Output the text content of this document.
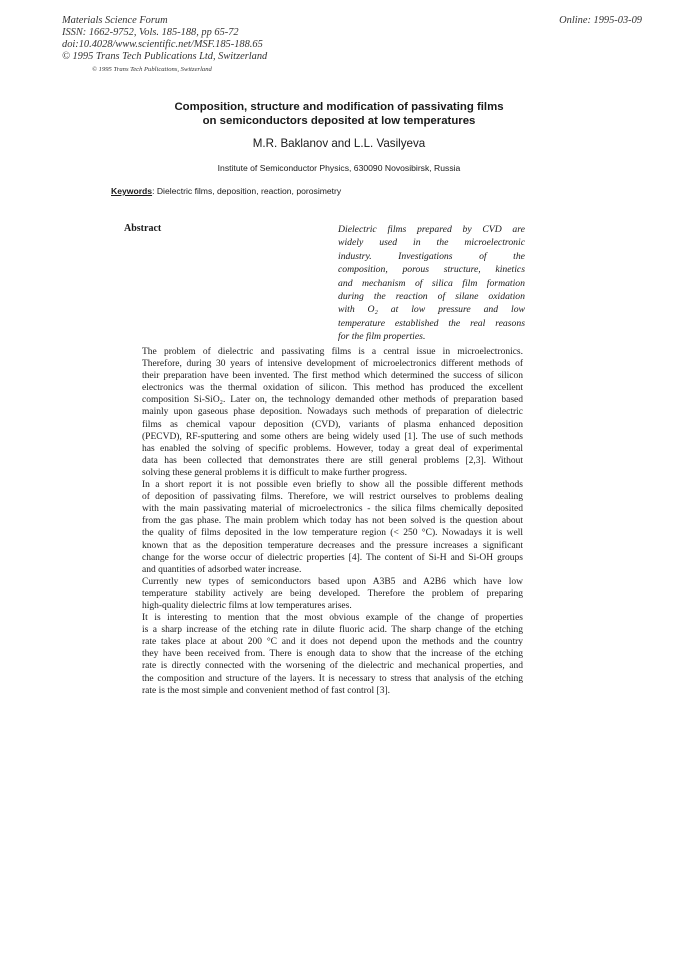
Materials Science Forum
ISSN: 1662-9752, Vols. 185-188, pp 65-72
doi:10.4028/www.scientific.net/MSF.185-188.65
© 1995 Trans Tech Publications Ltd, Switzerland
© 1995 Trans Tech Publications, Switzerland
Online: 1995-03-09
Composition, structure and modification of passivating films
on semiconductors deposited at low temperatures
M.R. Baklanov and L.L. Vasilyeva
Institute of Semiconductor Physics, 630090 Novosibirsk, Russia
Keywords: Dielectric films, deposition, reaction, porosimetry
Abstract	Dielectric films prepared by CVD are
widely used in the microelectronic
industry. Investigations of the
composition, porous structure, kinetics
and mechanism of silica film formation
during the reaction of silane oxidation
with O₂ at low pressure and low
temperature established the real reasons
for the film properties.

The problem of dielectric and passivating films is a central issue in microelectronics.
Therefore, during 30 years of intensive development of microelectronics different methods of
their preparation have been invented. The first method which determined the success of silicon
electronics was the thermal oxidation of silicon. This method has produced the excellent
composition Si-SiO₂. Later on, the technology demanded other methods of preparation based
mainly upon gaseous phase deposition. Nowadays such methods of preparation of dielectric
films as chemical vapour deposition (CVD), variants of plasma enhanced deposition
(PECVD), RF-sputtering and some others are being widely used [1]. The use of such methods
has enabled the solving of specific problems. However, today a great deal of experimental
data has been collected that demonstrates there are still general problems [2,3]. Without
solving these general problems it is difficult to make further progress.

In a short report it is not possible even briefly to show all the possible different methods
of deposition of passivating films. Therefore, we will restrict ourselves to problems dealing
with the main passivating material of microelectronics - the silica films chemically deposited
from the gas phase. The main problem which today has not been solved is the question about
the quality of films deposited in the low temperature region (< 250 °C). Nowadays it is well
known that as the deposition temperature decreases and the pressure increases a significant
change for the worse occur of dielectric properties [4]. The content of Si-H and Si-OH groups
and quantities of adsorbed water increase.

Currently new types of semiconductors based upon A3B5 and A2B6 which have low
temperature stability actively are being developed. Therefore the problem of preparing
high-quality dielectric films at low temperatures arises.

It is interesting to mention that the most obvious example of the change of properties
is a sharp increase of the etching rate in dilute fluoric acid. The sharp change of the etching
rate takes place at about 200 °C and it does not depend upon the methods and the country
they have been received from. There is enough data to show that the increase of the etching
rate is directly connected with the worsening of the dielectric and mechanical properties, and
the composition and structure of the layers. It is necessary to stress that analysis of the etching
rate is the most simple and convenient method of fast control [3].
